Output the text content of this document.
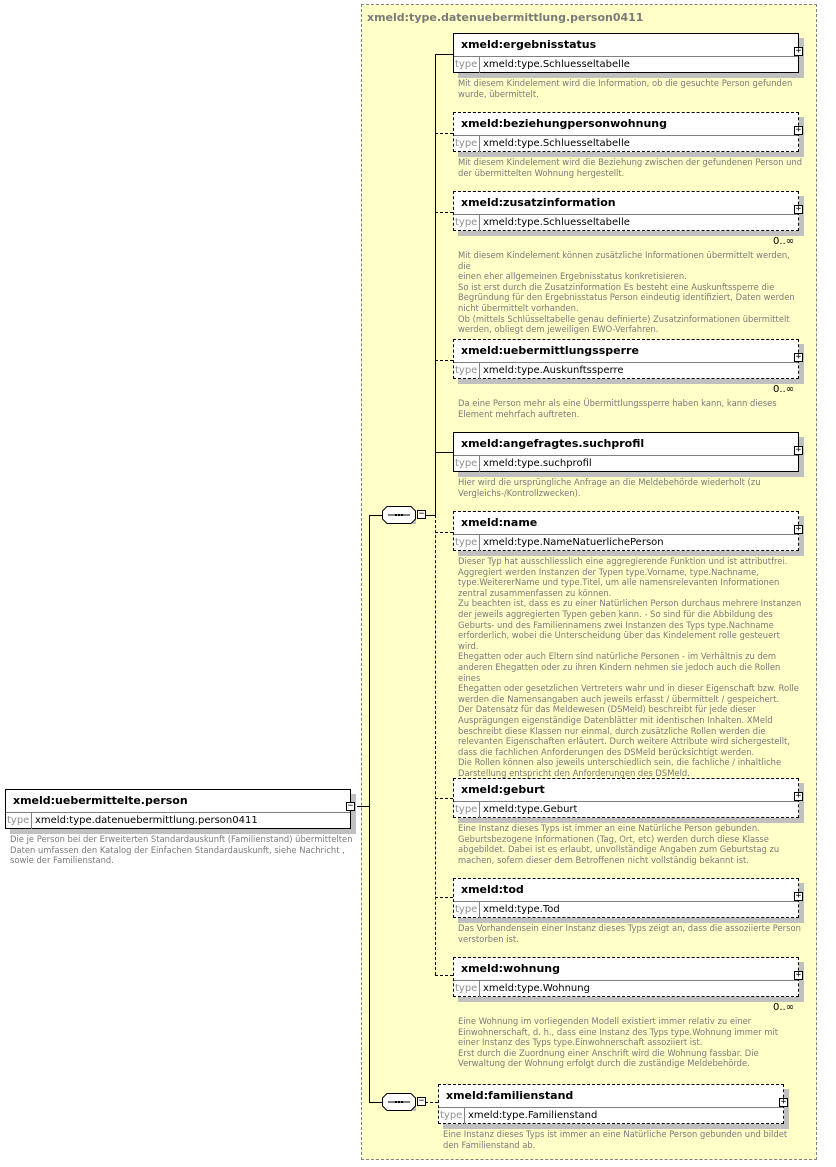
xmeld:type.datenuebermittlung.person0411
−
−
xmeld:uebermittelte.person
type xmeld:type.datenuebermittlung.person0411
−
Die je Person bei der Erweiterten Standardauskunft (Familienstand) übermittelten
Daten umfassen den Katalog der Einfachen Standardauskunft, siehe Nachricht ,
sowie der Familienstand.
xmeld:ergebnisstatus
type xmeld:type.Schluesseltabelle
+
Mit diesem Kindelement wird die Information, ob die gesuchte Person gefunden
wurde, übermittelt.
xmeld:beziehungpersonwohnung
type xmeld:type.Schluesseltabelle
+
Mit diesem Kindelement wird die Beziehung zwischen der gefundenen Person und
der übermittelten Wohnung hergestellt.
xmeld:zusatzinformation
type xmeld:type.Schluesseltabelle
+
0..∞
Mit diesem Kindelement können zusätzliche Informationen übermittelt werden, die
einen eher allgemeinen Ergebnisstatus konkretisieren.
So ist erst durch die Zusatzinformation Es besteht eine Auskunftssperre die
Begründung für den Ergebnisstatus Person eindeutig identifiziert, Daten werden
nicht übermittelt vorhanden.
Ob (mittels Schlüsseltabelle genau definierte) Zusatzinformationen übermittelt
werden, obliegt dem jeweiligen EWO-Verfahren.
xmeld:uebermittlungssperre
type xmeld:type.Auskunftssperre
+
0..∞
Da eine Person mehr als eine Übermittlungssperre haben kann, kann dieses
Element mehrfach auftreten.
xmeld:angefragtes.suchprofil
type xmeld:type.suchprofil
+
Hier wird die ursprüngliche Anfrage an die Meldebehörde wiederholt (zu
Vergleichs-/Kontrollzwecken).
xmeld:name
type xmeld:type.NameNatuerlichePerson
+
Dieser Typ hat ausschliesslich eine aggregierende Funktion und ist attributfrei.
Aggregiert werden Instanzen der Typen type.Vorname, type.Nachname,
type.WeitererName und type.Titel, um alle namensrelevanten Informationen
zentral zusammenfassen zu können.
Zu beachten ist, dass es zu einer Natürlichen Person durchaus mehrere Instanzen
der jeweils aggregierten Typen geben kann. - So sind für die Abbildung des
Geburts- und des Familiennamens zwei Instanzen des Typs type.Nachname
erforderlich, wobei die Unterscheidung über das Kindelement rolle gesteuert wird.
Ehegatten oder auch Eltern sind natürliche Personen - im Verhältnis zu dem
anderen Ehegatten oder zu ihren Kindern nehmen sie jedoch auch die Rollen eines
Ehegatten oder gesetzlichen Vertreters wahr und in dieser Eigenschaft bzw. Rolle
werden die Namensangaben auch jeweils erfasst / übermittelt / gespeichert.
Der Datensatz für das Meldewesen (DSMeld) beschreibt für jede dieser
Ausprägungen eigenständige Datenblätter mit identischen Inhalten. XMeld
beschreibt diese Klassen nur einmal, durch zusätzliche Rollen werden die
relevanten Eigenschaften erläutert. Durch weitere Attribute wird sichergestellt,
dass die fachlichen Anforderungen des DSMeld berücksichtigt werden.
Die Rollen können also jeweils unterschiedlich sein, die fachliche / inhaltliche
Darstellung entspricht den Anforderungen des DSMeld.
xmeld:geburt
type xmeld:type.Geburt
+
Eine Instanz dieses Typs ist immer an eine Natürliche Person gebunden.
Geburtsbezogene Informationen (Tag, Ort, etc) werden durch diese Klasse
abgebildet. Dabei ist es erlaubt, unvollständige Angaben zum Geburtstag zu
machen, sofern dieser dem Betroffenen nicht vollständig bekannt ist.
xmeld:tod
type xmeld:type.Tod
+
Das Vorhandensein einer Instanz dieses Typs zeigt an, dass die assoziierte Person
verstorben ist.
xmeld:wohnung
type xmeld:type.Wohnung
+
0..∞
Eine Wohnung im vorliegenden Modell existiert immer relativ zu einer
Einwohnerschaft, d. h., dass eine Instanz des Typs type.Wohnung immer mit
einer Instanz des Typs type.Einwohnerschaft assoziiert ist.
Erst durch die Zuordnung einer Anschrift wird die Wohnung fassbar. Die
Verwaltung der Wohnung erfolgt durch die zuständige Meldebehörde.
xmeld:familienstand
type xmeld:type.Familienstand
+
Eine Instanz dieses Typs ist immer an eine Natürliche Person gebunden und bildet
den Familienstand ab.
